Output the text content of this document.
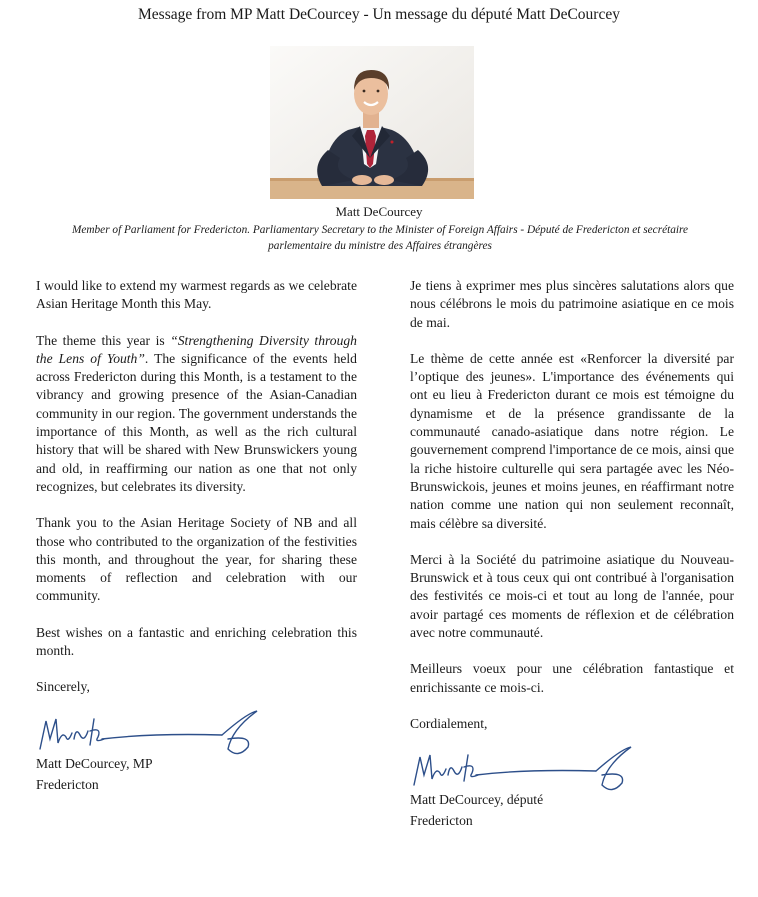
Message from MP Matt DeCourcey - Un message du député Matt DeCourcey
Matt DeCourcey
Member of Parliament for Fredericton. Parliamentary Secretary to the Minister of Foreign Affairs - Député de Fredericton et secrétaire parlementaire du ministre des Affaires étrangères

I would like to extend my warmest regards as we celebrate Asian Heritage Month this May.

The theme this year is “Strengthening Diversity through the Lens of Youth”. The significance of the events held across Fredericton during this Month, is a testament to the vibrancy and growing presence of the Asian-Canadian community in our region. The government understands the importance of this Month, as well as the rich cultural history that will be shared with New Brunswickers young and old, in reaffirming our nation as one that not only recognizes, but celebrates its diversity.

Thank you to the Asian Heritage Society of NB and all those who contributed to the organization of the festivities this month, and throughout the year, for sharing these moments of reflection and celebration with our community.

Best wishes on a fantastic and enriching celebration this month.

Sincerely,

Matt DeCourcey, MP
Fredericton

Je tiens à exprimer mes plus sincères salutations alors que nous célébrons le mois du patrimoine asiatique en ce mois de mai.

Le thème de cette année est «Renforcer la diversité par l’optique des jeunes». L'importance des événements qui ont eu lieu à Fredericton durant ce mois est témoigne du dynamisme et de la présence grandissante de la communauté canado-asiatique dans notre région. Le gouvernement comprend l'importance de ce mois, ainsi que la riche histoire culturelle qui sera partagée avec les Néo-Brunswickois, jeunes et moins jeunes, en réaffirmant notre nation comme une nation qui non seulement reconnaît, mais célèbre sa diversité.

Merci à la Société du patrimoine asiatique du Nouveau-Brunswick et à tous ceux qui ont contribué à l'organisation des festivités ce mois-ci et tout au long de l'année, pour avoir partagé ces moments de réflexion et de célébration avec notre communauté.

Meilleurs voeux pour une célébration fantastique et enrichissante ce mois-ci.

Cordialement,

Matt DeCourcey, député
Fredericton
